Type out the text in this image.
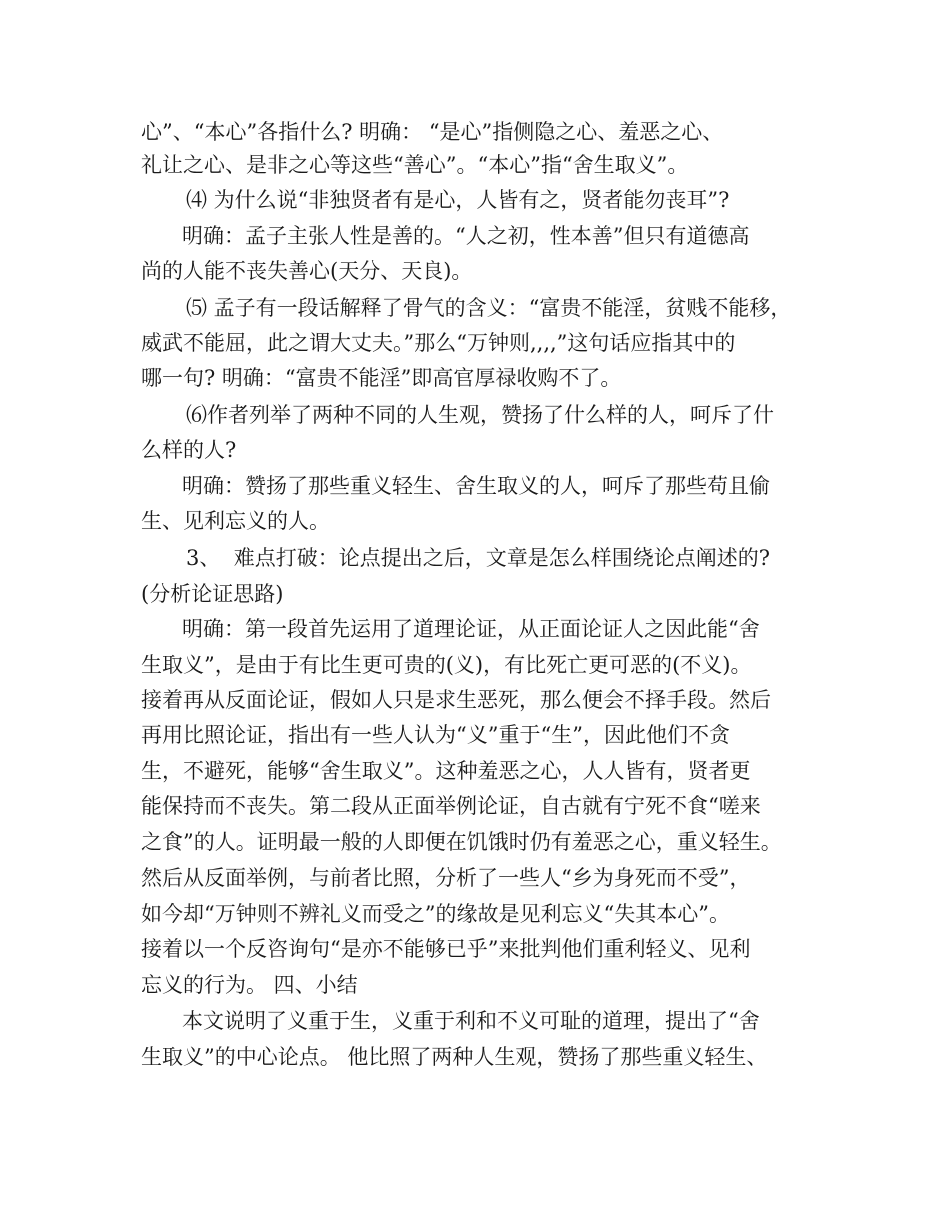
心”、“本心”各指什么? 明确： “是心”指侧隐之心、羞恶之心、
礼让之心、是非之心等这些“善心”。“本心”指“舍生取义”。
⑷ 为什么说“非独贤者有是心，人皆有之，贤者能勿丧耳”?
明确：孟子主张人性是善的。“人之初，性本善”但只有道德高
尚的人能不丧失善心(天分、天良)。
⑸ 孟子有一段话解释了骨气的含义：“富贵不能淫，贫贱不能移，
威武不能屈，此之谓大丈夫。”那么“万钟则,,,,”这句话应指其中的
哪一句? 明确：“富贵不能淫”即高官厚禄收购不了。
⑹作者列举了两种不同的人生观，赞扬了什么样的人，呵斥了什
么样的人?
明确：赞扬了那些重义轻生、舍生取义的人，呵斥了那些苟且偷
生、见利忘义的人。
3、  难点打破：论点提出之后，文章是怎么样围绕论点阐述的?
(分析论证思路)
明确：第一段首先运用了道理论证，从正面论证人之因此能“舍
生取义”，是由于有比生更可贵的(义)，有比死亡更可恶的(不义)。
接着再从反面论证，假如人只是求生恶死，那么便会不择手段。然后
再用比照论证，指出有一些人认为“义”重于“生”，因此他们不贪
生，不避死，能够“舍生取义”。这种羞恶之心，人人皆有，贤者更
能保持而不丧失。第二段从正面举例论证，自古就有宁死不食“嗟来
之食”的人。证明最一般的人即便在饥饿时仍有羞恶之心，重义轻生。
然后从反面举例，与前者比照，分析了一些人“乡为身死而不受”，
如今却“万钟则不辨礼义而受之”的缘故是见利忘义“失其本心”。
接着以一个反咨询句“是亦不能够已乎”来批判他们重利轻义、见利
忘义的行为。 四、小结
本文说明了义重于生，义重于利和不义可耻的道理，提出了“舍
生取义”的中心论点。 他比照了两种人生观，赞扬了那些重义轻生、
